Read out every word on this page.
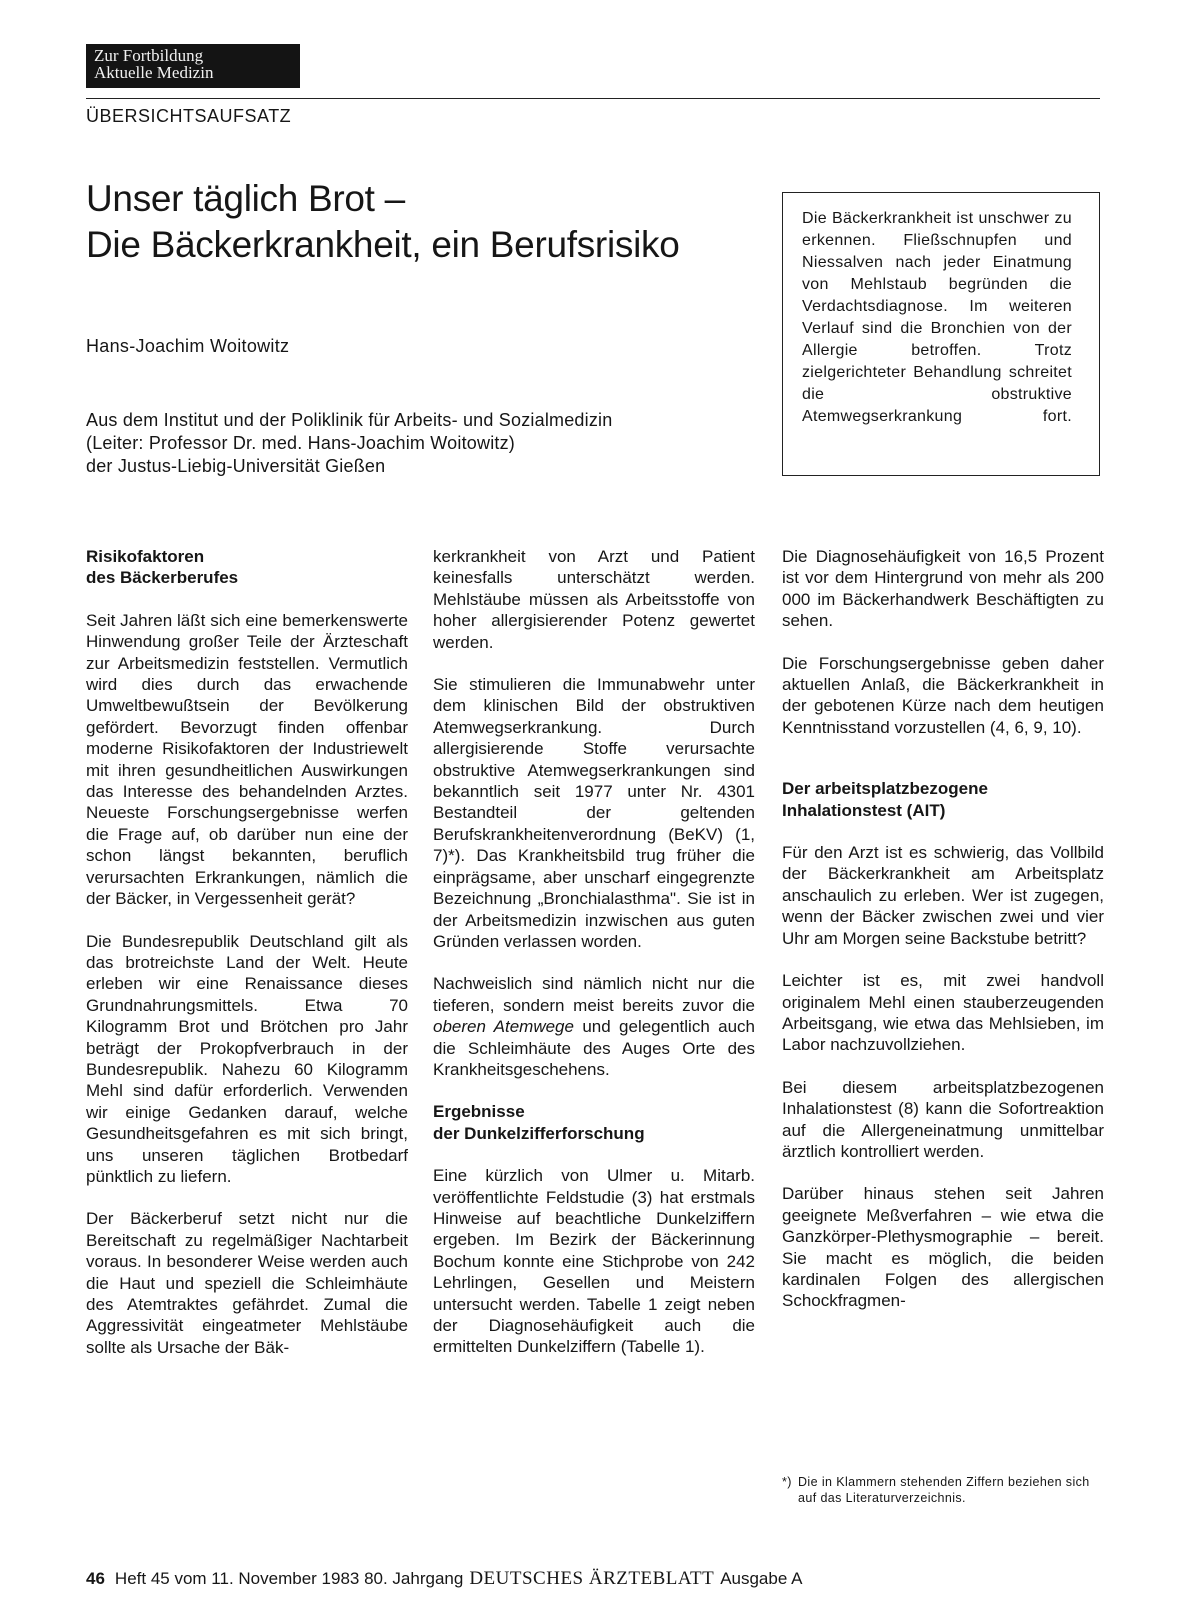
Zur Fortbildung
Aktuelle Medizin
ÜBERSICHTSAUFSATZ
Unser täglich Brot –
Die Bäckerkrankheit, ein Berufsrisiko
Hans-Joachim Woitowitz
Aus dem Institut und der Poliklinik für Arbeits- und Sozialmedizin
(Leiter: Professor Dr. med. Hans-Joachim Woitowitz)
der Justus-Liebig-Universität Gießen

Die Bäckerkrankheit ist unschwer zu erkennen. Fließschnupfen und Niessalven nach jeder Einatmung von Mehlstaub begründen die Verdachtsdiagnose. Im weiteren Verlauf sind die Bronchien von der Allergie betroffen. Trotz zielgerichteter Behandlung schreitet die obstruktive Atemwegserkrankung fort.

Risikofaktoren
des Bäckerberufes

Seit Jahren läßt sich eine bemerkenswerte Hinwendung großer Teile der Ärzteschaft zur Arbeitsmedizin feststellen. Vermutlich wird dies durch das erwachende Umweltbewußtsein der Bevölkerung gefördert. Bevorzugt finden offenbar moderne Risikofaktoren der Industriewelt mit ihren gesundheitlichen Auswirkungen das Interesse des behandelnden Arztes. Neueste Forschungsergebnisse werfen die Frage auf, ob darüber nun eine der schon längst bekannten, beruflich verursachten Erkrankungen, nämlich die der Bäcker, in Vergessenheit gerät?

Die Bundesrepublik Deutschland gilt als das brotreichste Land der Welt. Heute erleben wir eine Renaissance dieses Grundnahrungsmittels. Etwa 70 Kilogramm Brot und Brötchen pro Jahr beträgt der Prokopfverbrauch in der Bundesrepublik. Nahezu 60 Kilogramm Mehl sind dafür erforderlich. Verwenden wir einige Gedanken darauf, welche Gesundheitsgefahren es mit sich bringt, uns unseren täglichen Brotbedarf pünktlich zu liefern.

Der Bäckerberuf setzt nicht nur die Bereitschaft zu regelmäßiger Nachtarbeit voraus. In besonderer Weise werden auch die Haut und speziell die Schleimhäute des Atemtraktes gefährdet. Zumal die Aggressivität eingeatmeter Mehlstäube sollte als Ursache der Bäk-

kerkrankheit von Arzt und Patient keinesfalls unterschätzt werden. Mehlstäube müssen als Arbeitsstoffe von hoher allergisierender Potenz gewertet werden.

Sie stimulieren die Immunabwehr unter dem klinischen Bild der obstruktiven Atemwegserkrankung. Durch allergisierende Stoffe verursachte obstruktive Atemwegserkrankungen sind bekanntlich seit 1977 unter Nr. 4301 Bestandteil der geltenden Berufskrankheitenverordnung (BeKV) (1, 7)*). Das Krankheitsbild trug früher die einprägsame, aber unscharf eingegrenzte Bezeichnung „Bronchialasthma". Sie ist in der Arbeitsmedizin inzwischen aus guten Gründen verlassen worden.

Nachweislich sind nämlich nicht nur die tieferen, sondern meist bereits zuvor die oberen Atemwege und gelegentlich auch die Schleimhäute des Auges Orte des Krankheitsgeschehens.

Ergebnisse
der Dunkelzifferforschung

Eine kürzlich von Ulmer u. Mitarb. veröffentlichte Feldstudie (3) hat erstmals Hinweise auf beachtliche Dunkelziffern ergeben. Im Bezirk der Bäckerinnung Bochum konnte eine Stichprobe von 242 Lehrlingen, Gesellen und Meistern untersucht werden. Tabelle 1 zeigt neben der Diagnosehäufigkeit auch die ermittelten Dunkelziffern (Tabelle 1).

Die Diagnosehäufigkeit von 16,5 Prozent ist vor dem Hintergrund von mehr als 200 000 im Bäckerhandwerk Beschäftigten zu sehen.

Die Forschungsergebnisse geben daher aktuellen Anlaß, die Bäckerkrankheit in der gebotenen Kürze nach dem heutigen Kenntnisstand vorzustellen (4, 6, 9, 10).

Der arbeitsplatzbezogene
Inhalationstest (AIT)

Für den Arzt ist es schwierig, das Vollbild der Bäckerkrankheit am Arbeitsplatz anschaulich zu erleben. Wer ist zugegen, wenn der Bäcker zwischen zwei und vier Uhr am Morgen seine Backstube betritt?

Leichter ist es, mit zwei handvoll originalem Mehl einen stauberzeugenden Arbeitsgang, wie etwa das Mehlsieben, im Labor nachzuvollziehen.

Bei diesem arbeitsplatzbezogenen Inhalationstest (8) kann die Sofortreaktion auf die Allergeneinatmung unmittelbar ärztlich kontrolliert werden.

Darüber hinaus stehen seit Jahren geeignete Meßverfahren – wie etwa die Ganzkörper-Plethysmographie – bereit. Sie macht es möglich, die beiden kardinalen Folgen des allergischen Schockfragmen-

*) Die in Klammern stehenden Ziffern beziehen sich auf das Literaturverzeichnis.
46 Heft 45 vom 11. November 1983 80. Jahrgang DEUTSCHES ÄRZTEBLATT Ausgabe A
